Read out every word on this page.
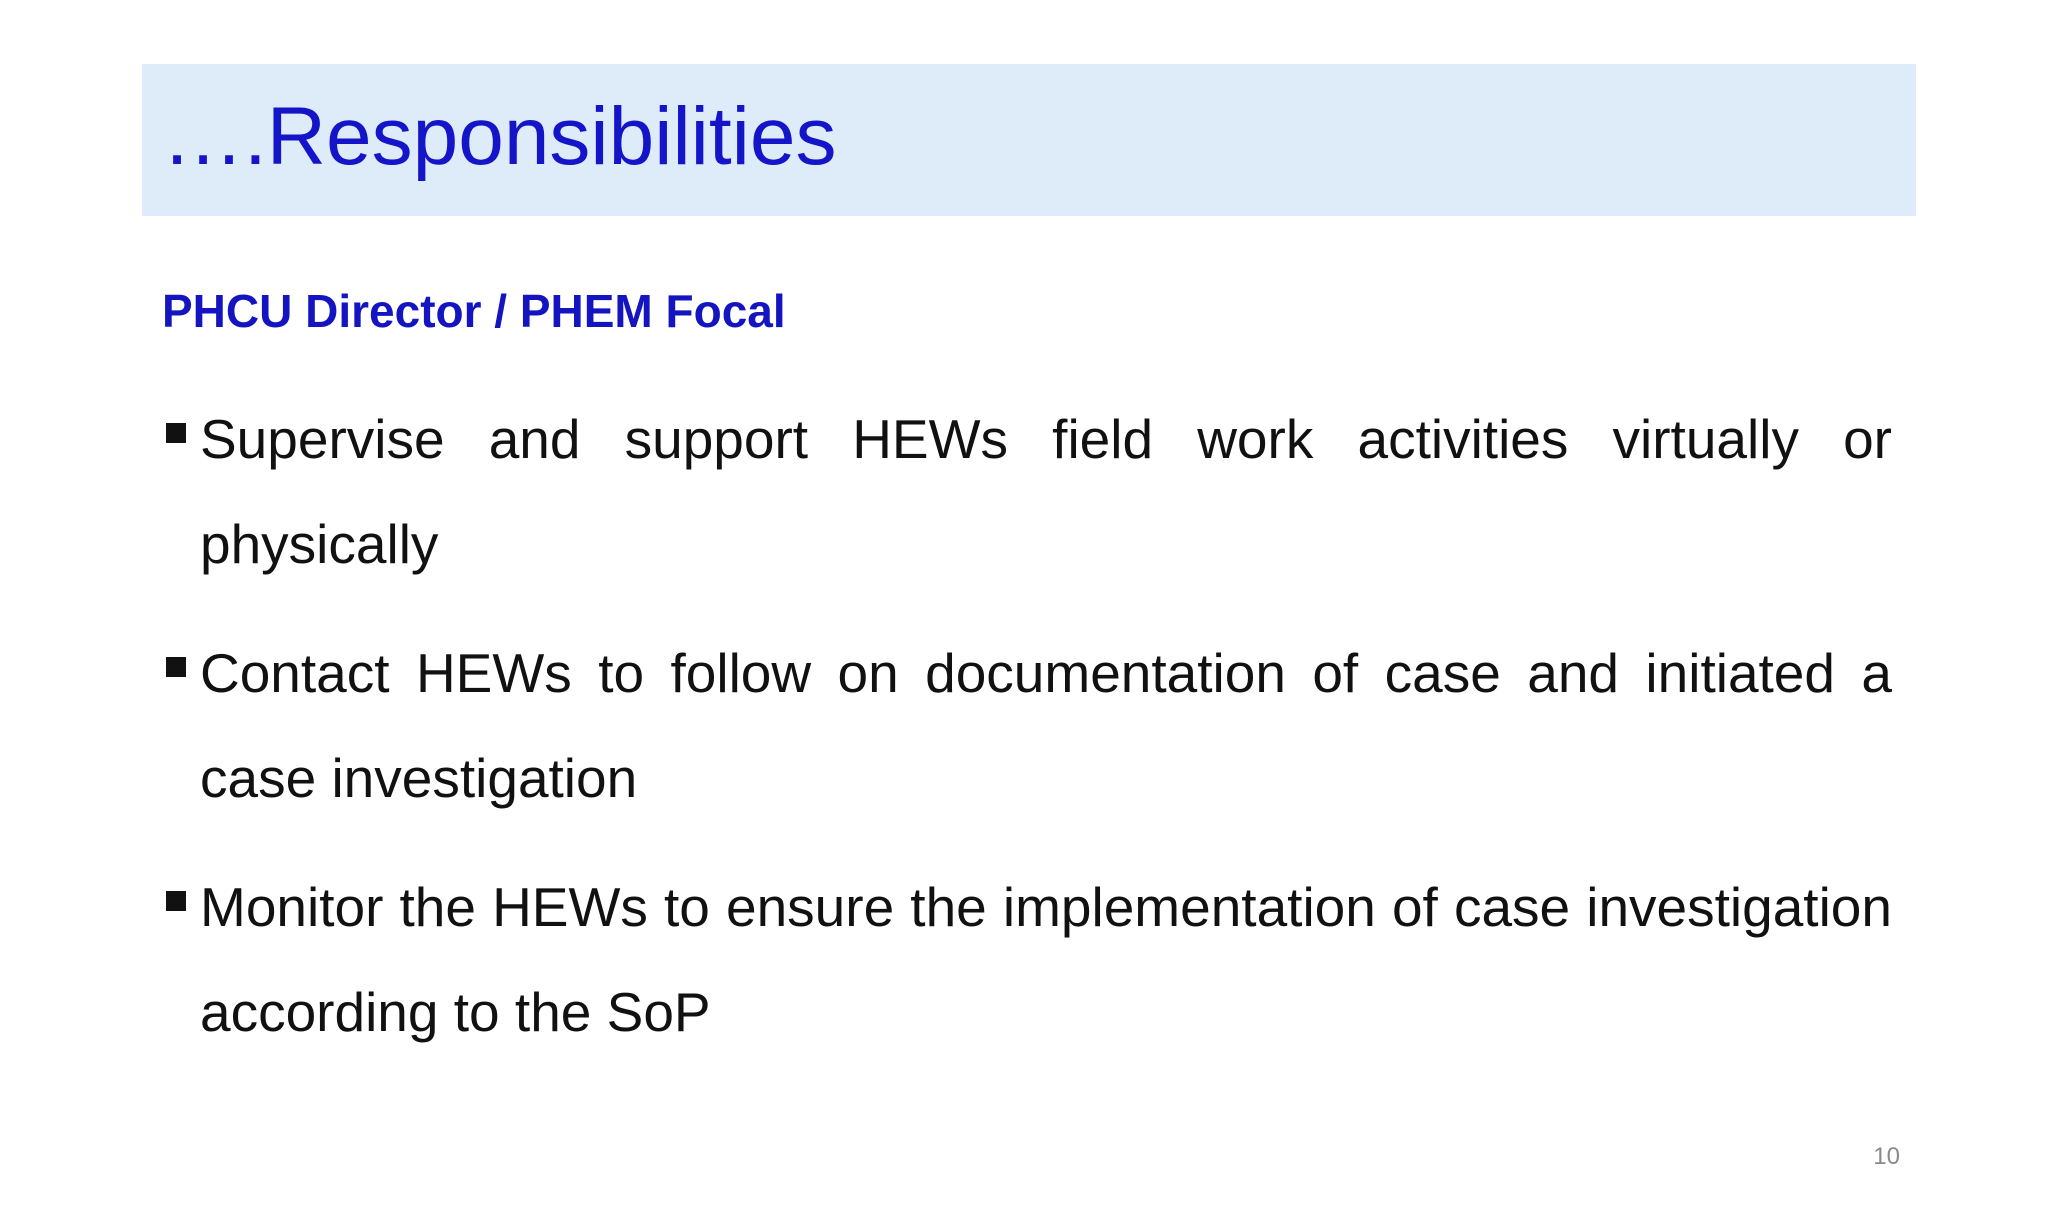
….Responsibilities
PHCU Director / PHEM Focal
Supervise and support HEWs field work activities virtually or physically
Contact HEWs to follow on documentation of case and initiated a case investigation
Monitor the HEWs to ensure the implementation of case investigation according to the SoP
10
